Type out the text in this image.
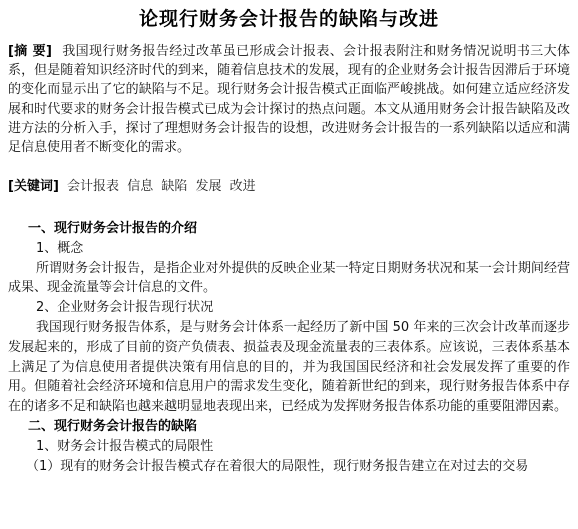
论现行财务会计报告的缺陷与改进
[摘 要] 我国现行财务报告经过改革虽已形成会计报表、会计报表附注和财务情况说明书三大体系，但是随着知识经济时代的到来，随着信息技术的发展，现有的企业财务会计报告因滞后于环境的变化而显示出了它的缺陷与不足。现行财务会计报告模式正面临严峻挑战。如何建立适应经济发展和时代要求的财务会计报告模式已成为会计探讨的热点问题。本文从通用财务会计报告缺陷及改进方法的分析入手，探讨了理想财务会计报告的设想，改进财务会计报告的一系列缺陷以适应和满足信息使用者不断变化的需求。
[关键词] 会计报表 信息 缺陷 发展 改进
一、现行财务会计报告的介绍
1、概念
所谓财务会计报告，是指企业对外提供的反映企业某一特定日期财务状况和某一会计期间经营成果、现金流量等会计信息的文件。
2、企业财务会计报告现行状况
我国现行财务报告体系，是与财务会计体系一起经历了新中国 50 年来的三次会计改革而逐步发展起来的，形成了目前的资产负债表、损益表及现金流量表的三表体系。应该说，三表体系基本上满足了为信息使用者提供决策有用信息的目的，并为我国国民经济和社会发展发挥了重要的作用。但随着社会经济环境和信息用户的需求发生变化，随着新世纪的到来，现行财务报告体系中存在的诸多不足和缺陷也越来越明显地表现出来，已经成为发挥财务报告体系功能的重要阻滞因素。
二、现行财务会计报告的缺陷
1、财务会计报告模式的局限性
（1）现有的财务会计报告模式存在着很大的局限性，现行财务报告建立在对过去的交易
